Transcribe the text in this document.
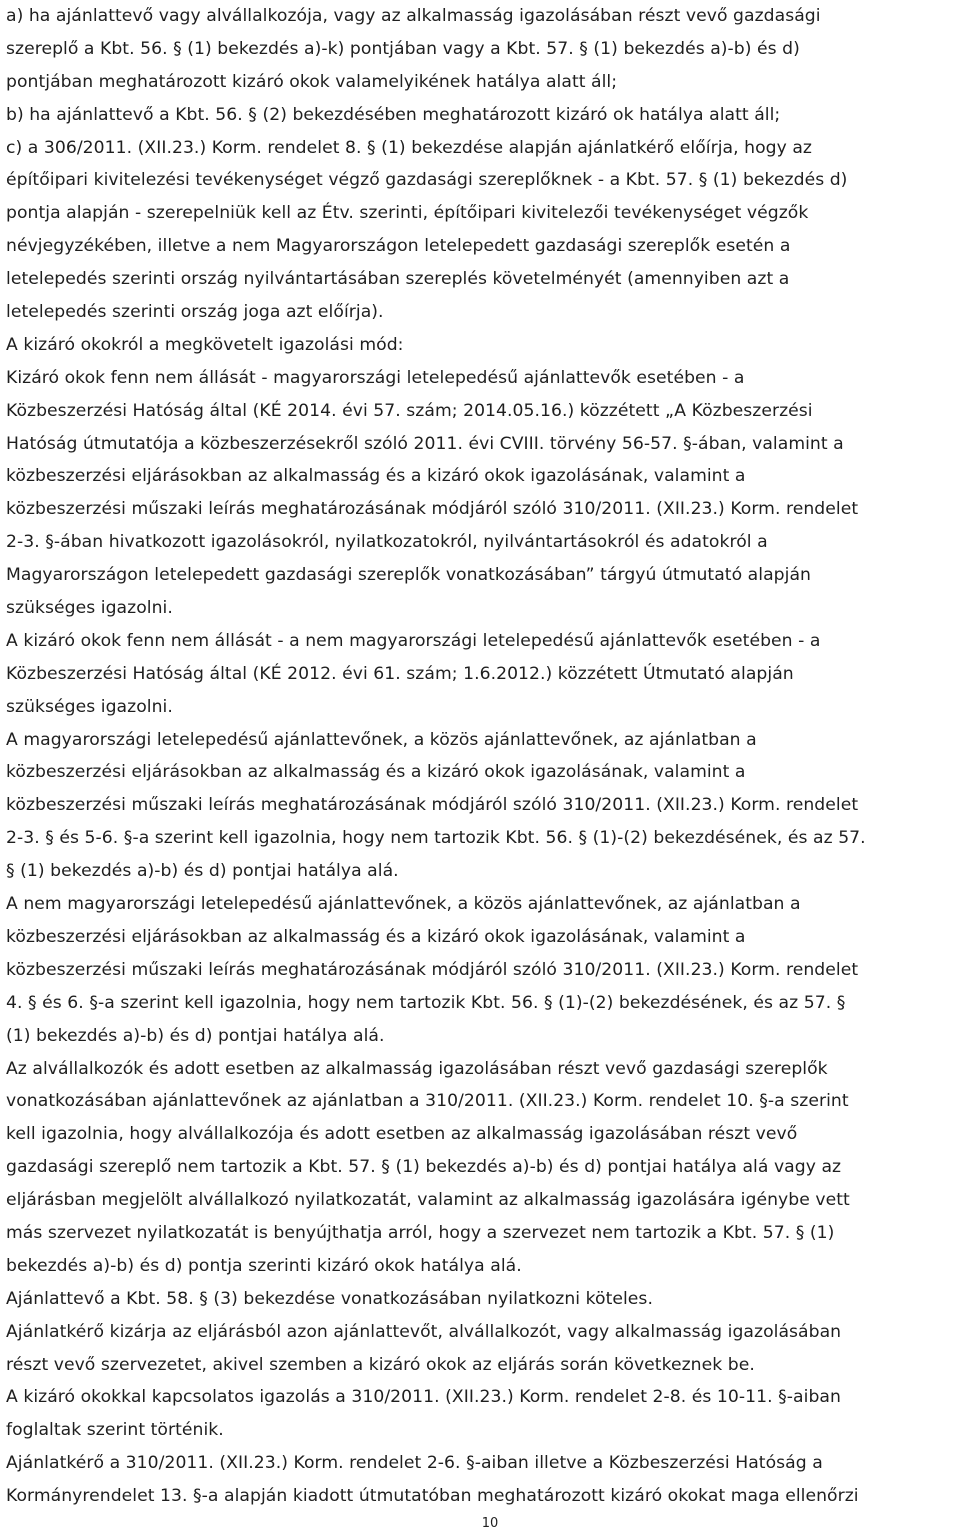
a) ha ajánlattevő vagy alvállalkozója, vagy az alkalmasság igazolásában részt vevő gazdasági
szereplő a Kbt. 56. § (1) bekezdés a)-k) pontjában vagy a Kbt. 57. § (1) bekezdés a)-b) és d)
pontjában meghatározott kizáró okok valamelyikének hatálya alatt áll;
b) ha ajánlattevő a Kbt. 56. § (2) bekezdésében meghatározott kizáró ok hatálya alatt áll;
c) a 306/2011. (XII.23.) Korm. rendelet 8. § (1) bekezdése alapján ajánlatkérő előírja, hogy az
építőipari kivitelezési tevékenységet végző gazdasági szereplőknek - a Kbt. 57. § (1) bekezdés d)
pontja alapján - szerepelniük kell az Étv. szerinti, építőipari kivitelezői tevékenységet végzők
névjegyzékében, illetve a nem Magyarországon letelepedett gazdasági szereplők esetén a
letelepedés szerinti ország nyilvántartásában szereplés követelményét (amennyiben azt a
letelepedés szerinti ország joga azt előírja).
A kizáró okokról a megkövetelt igazolási mód:
Kizáró okok fenn nem állását - magyarországi letelepedésű ajánlattevők esetében - a
Közbeszerzési Hatóság által (KÉ 2014. évi 57. szám; 2014.05.16.) közzétett „A Közbeszerzési
Hatóság útmutatója a közbeszerzésekről szóló 2011. évi CVIII. törvény 56-57. §-ában, valamint a
közbeszerzési eljárásokban az alkalmasság és a kizáró okok igazolásának, valamint a
közbeszerzési műszaki leírás meghatározásának módjáról szóló 310/2011. (XII.23.) Korm. rendelet
2-3. §-ában hivatkozott igazolásokról, nyilatkozatokról, nyilvántartásokról és adatokról a
Magyarországon letelepedett gazdasági szereplők vonatkozásában” tárgyú útmutató alapján
szükséges igazolni.
A kizáró okok fenn nem állását - a nem magyarországi letelepedésű ajánlattevők esetében - a
Közbeszerzési Hatóság által (KÉ 2012. évi 61. szám; 1.6.2012.) közzétett Útmutató alapján
szükséges igazolni.
A magyarországi letelepedésű ajánlattevőnek, a közös ajánlattevőnek, az ajánlatban a
közbeszerzési eljárásokban az alkalmasság és a kizáró okok igazolásának, valamint a
közbeszerzési műszaki leírás meghatározásának módjáról szóló 310/2011. (XII.23.) Korm. rendelet
2-3. § és 5-6. §-a szerint kell igazolnia, hogy nem tartozik Kbt. 56. § (1)-(2) bekezdésének, és az 57.
§ (1) bekezdés a)-b) és d) pontjai hatálya alá.
A nem magyarországi letelepedésű ajánlattevőnek, a közös ajánlattevőnek, az ajánlatban a
közbeszerzési eljárásokban az alkalmasság és a kizáró okok igazolásának, valamint a
közbeszerzési műszaki leírás meghatározásának módjáról szóló 310/2011. (XII.23.) Korm. rendelet
4. § és 6. §-a szerint kell igazolnia, hogy nem tartozik Kbt. 56. § (1)-(2) bekezdésének, és az 57. §
(1) bekezdés a)-b) és d) pontjai hatálya alá.
Az alvállalkozók és adott esetben az alkalmasság igazolásában részt vevő gazdasági szereplők
vonatkozásában ajánlattevőnek az ajánlatban a 310/2011. (XII.23.) Korm. rendelet 10. §-a szerint
kell igazolnia, hogy alvállalkozója és adott esetben az alkalmasság igazolásában részt vevő
gazdasági szereplő nem tartozik a Kbt. 57. § (1) bekezdés a)-b) és d) pontjai hatálya alá vagy az
eljárásban megjelölt alvállalkozó nyilatkozatát, valamint az alkalmasság igazolására igénybe vett
más szervezet nyilatkozatát is benyújthatja arról, hogy a szervezet nem tartozik a Kbt. 57. § (1)
bekezdés a)-b) és d) pontja szerinti kizáró okok hatálya alá.
Ajánlattevő a Kbt. 58. § (3) bekezdése vonatkozásában nyilatkozni köteles.
Ajánlatkérő kizárja az eljárásból azon ajánlattevőt, alvállalkozót, vagy alkalmasság igazolásában
részt vevő szervezetet, akivel szemben a kizáró okok az eljárás során következnek be.
A kizáró okokkal kapcsolatos igazolás a 310/2011. (XII.23.) Korm. rendelet 2-8. és 10-11. §-aiban
foglaltak szerint történik.
Ajánlatkérő a 310/2011. (XII.23.) Korm. rendelet 2-6. §-aiban illetve a Közbeszerzési Hatóság a
Kormányrendelet 13. §-a alapján kiadott útmutatóban meghatározott kizáró okokat maga ellenőrzi
10
